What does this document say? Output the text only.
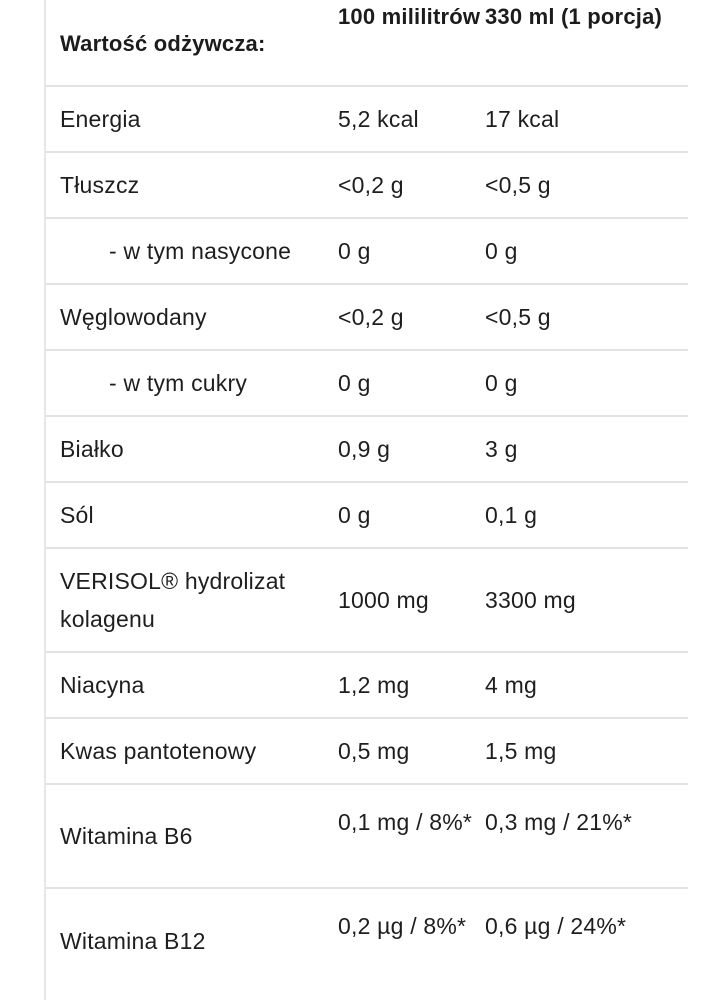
Wartość odżywcza:	100 mililitrów	330 ml (1 porcja)
Energia	5,2 kcal	17 kcal
Tłuszcz	<0,2 g	<0,5 g
- w tym nasycone	0 g	0 g
Węglowodany	<0,2 g	<0,5 g
- w tym cukry	0 g	0 g
Białko	0,9 g	3 g
Sól	0 g	0,1 g
VERISOL® hydrolizat kolagenu	1000 mg	3300 mg
Niacyna	1,2 mg	4 mg
Kwas pantotenowy	0,5 mg	1,5 mg
Witamina B6	0,1 mg / 8%*	0,3 mg / 21%*
Witamina B12	0,2 µg / 8%*	0,6 µg / 24%*
